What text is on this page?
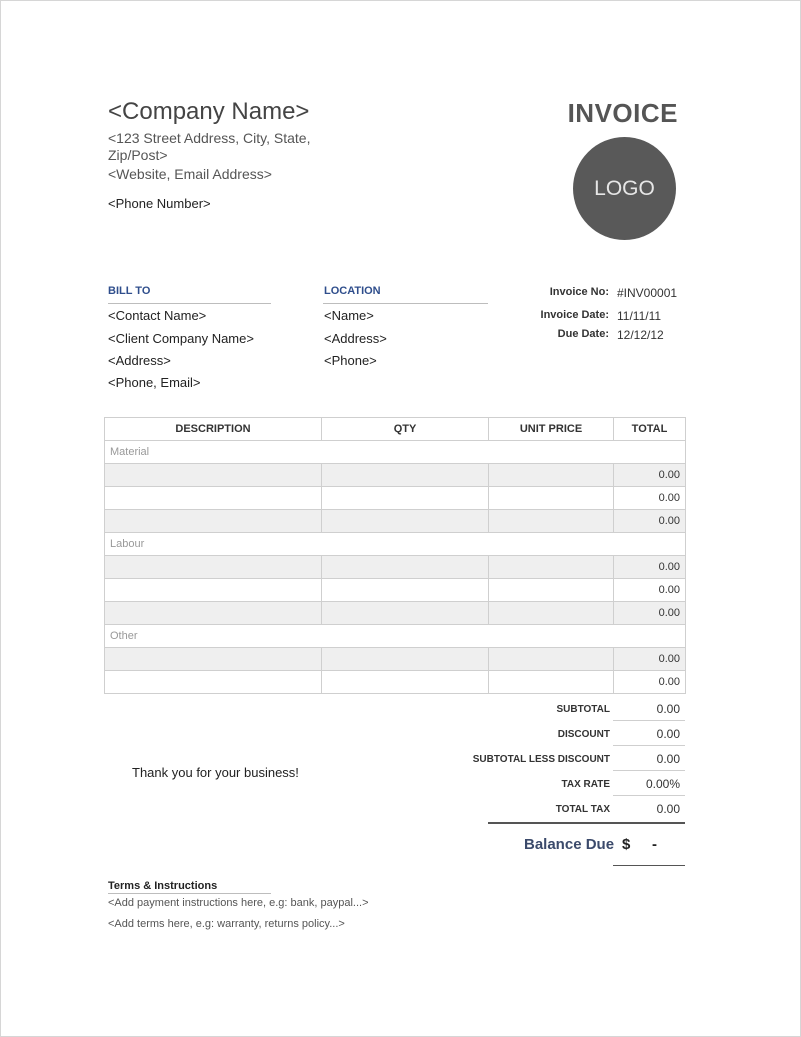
<Company Name>
<123 Street Address, City, State, Zip/Post>
<Website, Email Address>
<Phone Number>
INVOICE
LOGO
BILL TO
<Contact Name>
<Client Company Name>
<Address>
<Phone, Email>
LOCATION
<Name>
<Address>
<Phone>
Invoice No: #INV00001
Invoice Date: 11/11/11
Due Date: 12/12/12
DESCRIPTION	QTY	UNIT PRICE	TOTAL
Material			
			0.00
			0.00
			0.00
Labour			
			0.00
			0.00
			0.00
Other			
			0.00
			0.00
SUBTOTAL	0.00
DISCOUNT	0.00
SUBTOTAL LESS DISCOUNT	0.00
TAX RATE	0.00%
TOTAL TAX	0.00
Thank you for your business!
Balance Due $ -
Terms & Instructions
<Add payment instructions here, e.g: bank, paypal...>
<Add terms here, e.g: warranty, returns policy...>
